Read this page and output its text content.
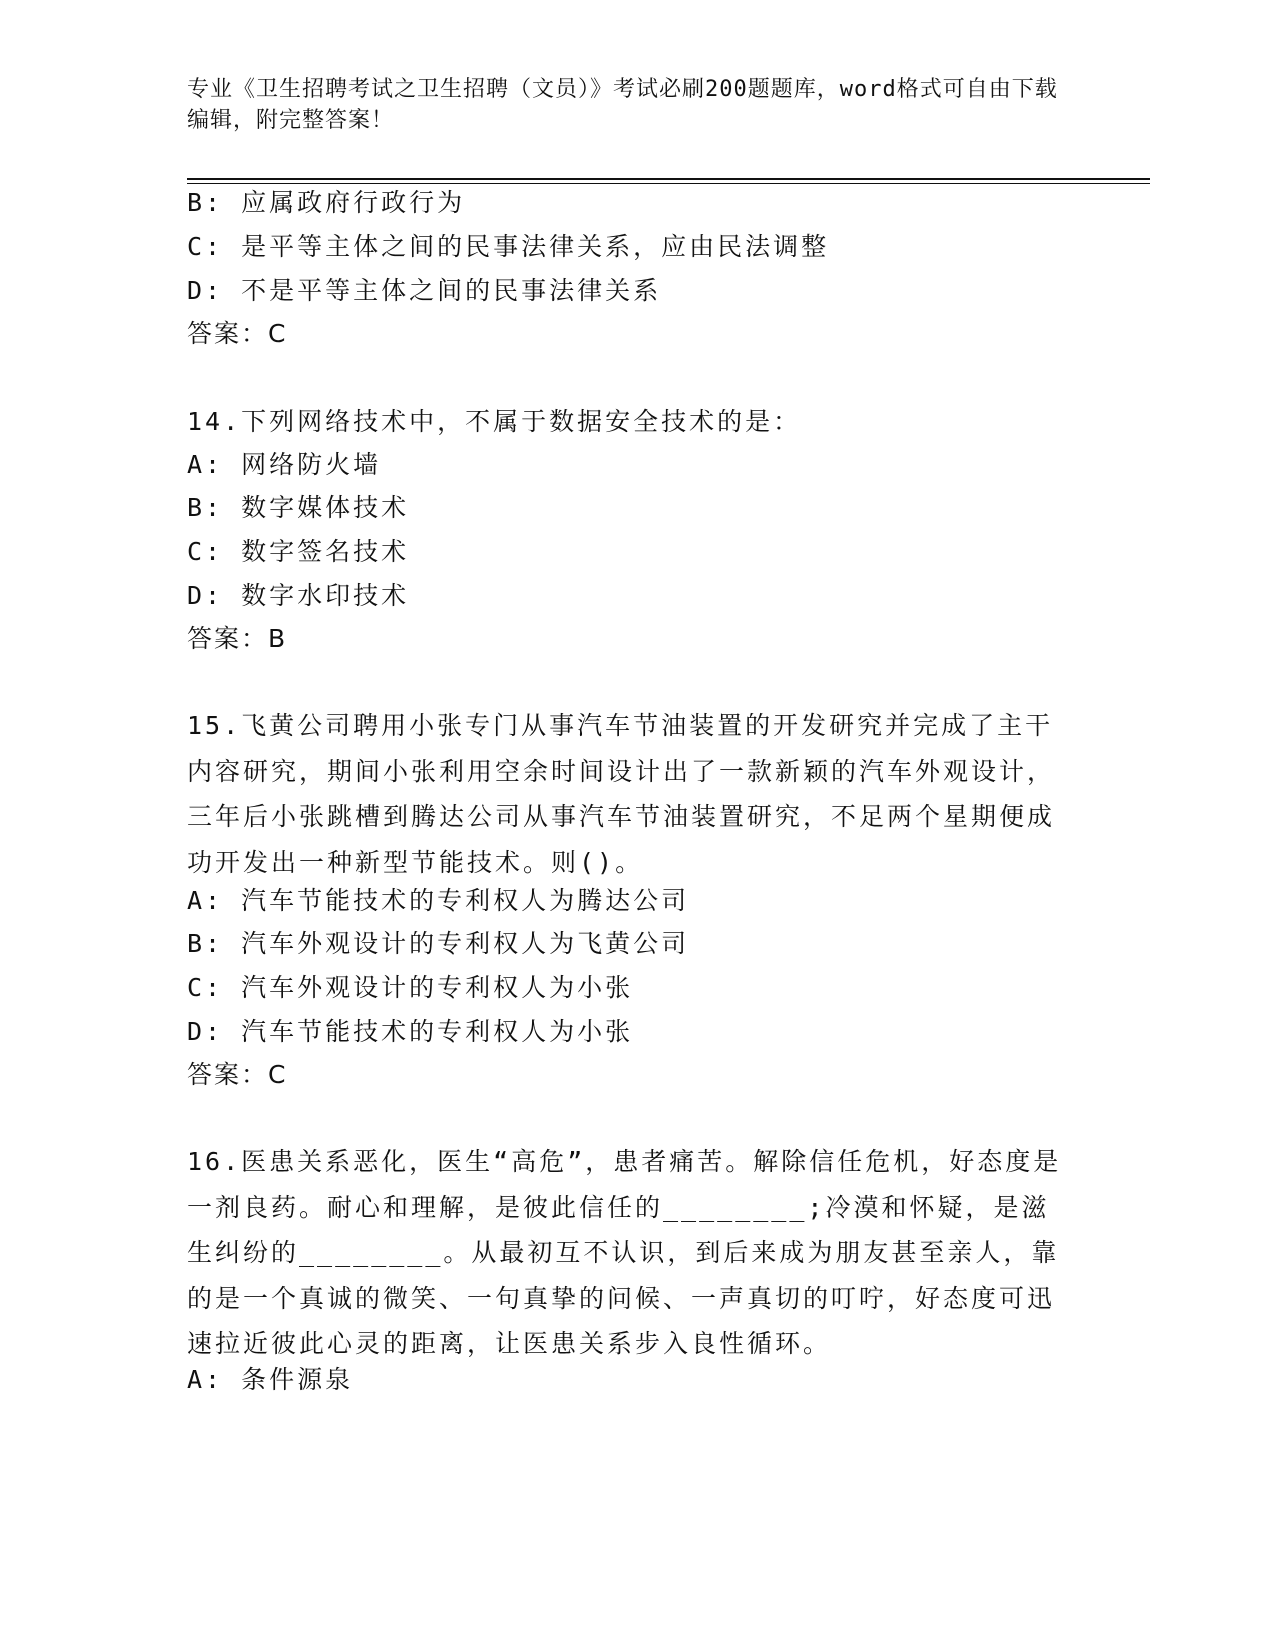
专业《卫生招聘考试之卫生招聘（文员）》考试必刷200题题库，word格式可自由下载编辑，附完整答案！
B: 应属政府行政行为
C: 是平等主体之间的民事法律关系，应由民法调整
D: 不是平等主体之间的民事法律关系
答案：C
14.下列网络技术中，不属于数据安全技术的是：
A: 网络防火墙
B: 数字媒体技术
C: 数字签名技术
D: 数字水印技术
答案：B
15.飞黄公司聘用小张专门从事汽车节油装置的开发研究并完成了主干内容研究，期间小张利用空余时间设计出了一款新颖的汽车外观设计，三年后小张跳槽到腾达公司从事汽车节油装置研究，不足两个星期便成功开发出一种新型节能技术。则()。
A: 汽车节能技术的专利权人为腾达公司
B: 汽车外观设计的专利权人为飞黄公司
C: 汽车外观设计的专利权人为小张
D: 汽车节能技术的专利权人为小张
答案：C
16.医患关系恶化，医生“高危”，患者痛苦。解除信任危机，好态度是一剂良药。耐心和理解，是彼此信任的________;冷漠和怀疑，是滋生纠纷的________。从最初互不认识，到后来成为朋友甚至亲人，靠的是一个真诚的微笑、一句真挚的问候、一声真切的叮咛，好态度可迅速拉近彼此心灵的距离，让医患关系步入良性循环。
A: 条件源泉
